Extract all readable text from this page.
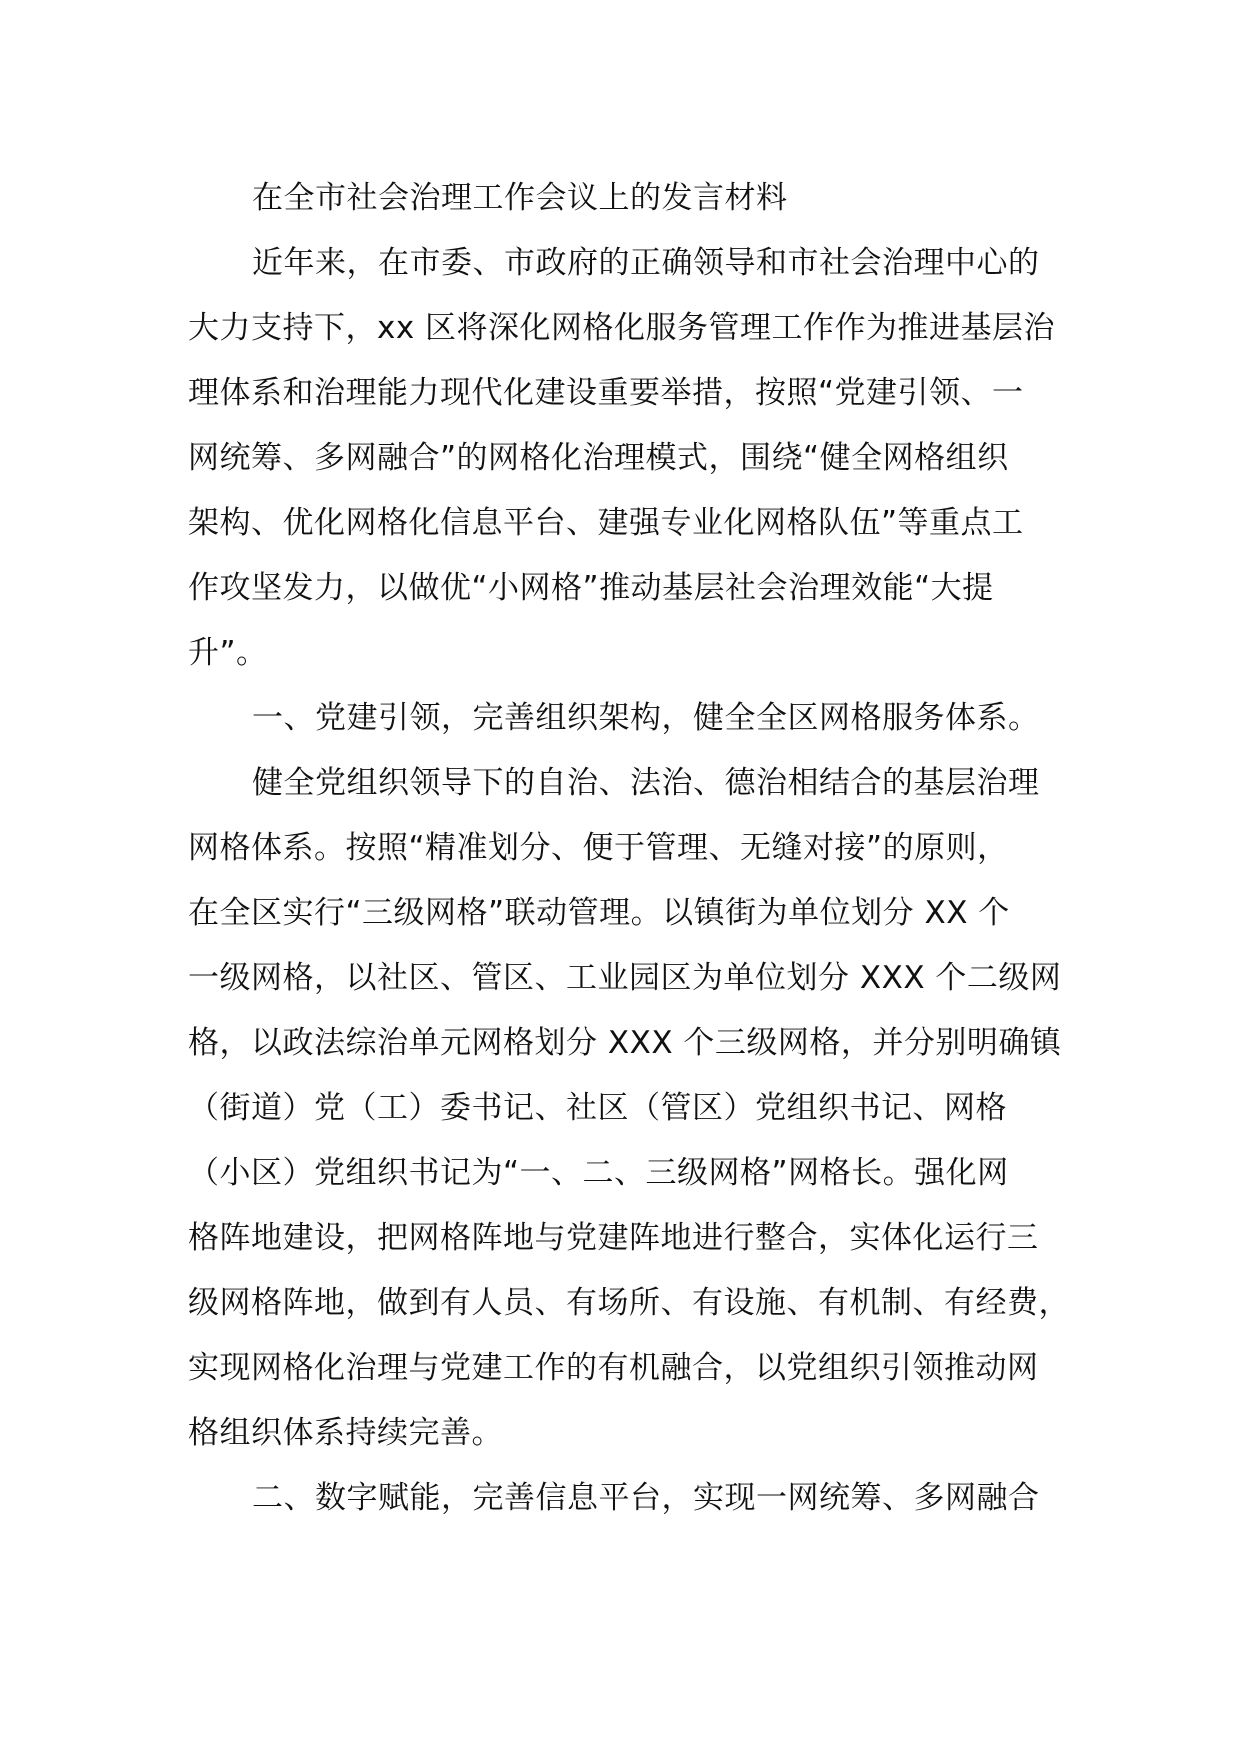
在全市社会治理工作会议上的发言材料
近年来，在市委、市政府的正确领导和市社会治理中心的
大力支持下，xx 区将深化网格化服务管理工作作为推进基层治
理体系和治理能力现代化建设重要举措，按照“党建引领、一
网统筹、多网融合”的网格化治理模式，围绕“健全网格组织
架构、优化网格化信息平台、建强专业化网格队伍”等重点工
作攻坚发力，以做优“小网格”推动基层社会治理效能“大提
升”。
一、党建引领，完善组织架构，健全全区网格服务体系。
健全党组织领导下的自治、法治、德治相结合的基层治理
网格体系。按照“精准划分、便于管理、无缝对接”的原则，
在全区实行“三级网格”联动管理。以镇街为单位划分 XX 个
一级网格，以社区、管区、工业园区为单位划分 XXX 个二级网
格，以政法综治单元网格划分 XXX 个三级网格，并分别明确镇
（街道）党（工）委书记、社区（管区）党组织书记、网格
（小区）党组织书记为“一、二、三级网格”网格长。强化网
格阵地建设，把网格阵地与党建阵地进行整合，实体化运行三
级网格阵地，做到有人员、有场所、有设施、有机制、有经费，
实现网格化治理与党建工作的有机融合，以党组织引领推动网
格组织体系持续完善。
二、数字赋能，完善信息平台，实现一网统筹、多网融合
